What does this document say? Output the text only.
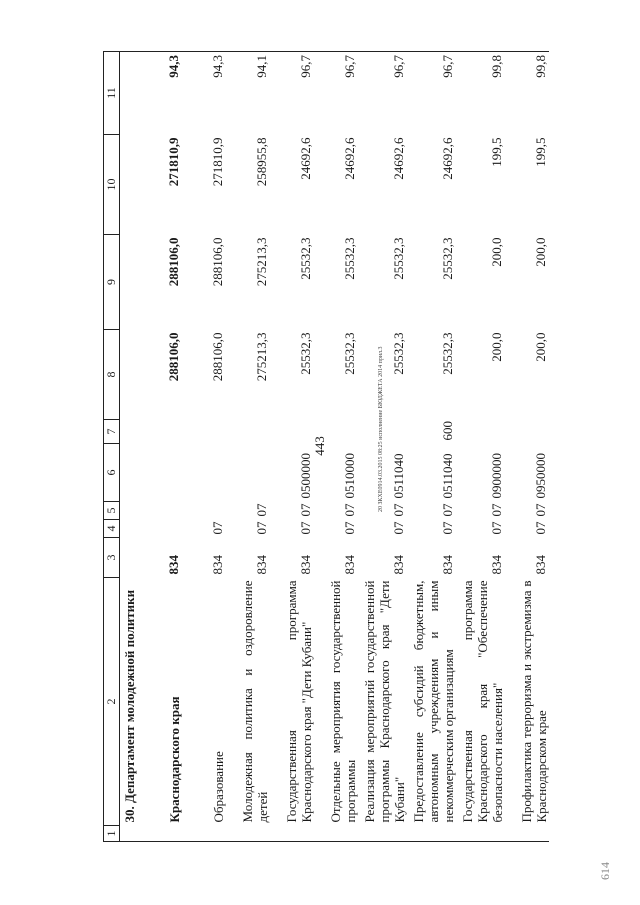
443	20 ЗКХЕ0914.03.2015 08:25 исполнение БЮДЖЕТА 2014 прил.3
614
1	2	3	4	5	6	7	8	9	10	11
	30. Департамент молодежной политики									
	Краснодарского края	834					288106,0	288106,0	271810,9	94,3
	Образование	834	07				288106,0	288106,0	271810,9	94,3
	Молодежная политика и оздоровление детей	834	07	07			275213,3	275213,3	258955,8	94,1
	Государственная программа Краснодарского края "Дети Кубани"	834	07	07	0500000		25532,3	25532,3	24692,6	96,7
	Отдельные мероприятия государственной программы	834	07	07	0510000		25532,3	25532,3	24692,6	96,7
	Реализация мероприятий государственной программы Краснодарского края "Дети Кубани"	834	07	07	0511040		25532,3	25532,3	24692,6	96,7
	Предоставление субсидий бюджетным, автономным учреждениям и иным некоммерческим организациям	834	07	07	0511040	600	25532,3	25532,3	24692,6	96,7
	Государственная программа Краснодарского края "Обеспечение безопасности населения"	834	07	07	0900000		200,0	200,0	199,5	99,8
	Профилактика терроризма и экстремизма в Краснодарском крае	834	07	07	0950000		200,0	200,0	199,5	99,8
